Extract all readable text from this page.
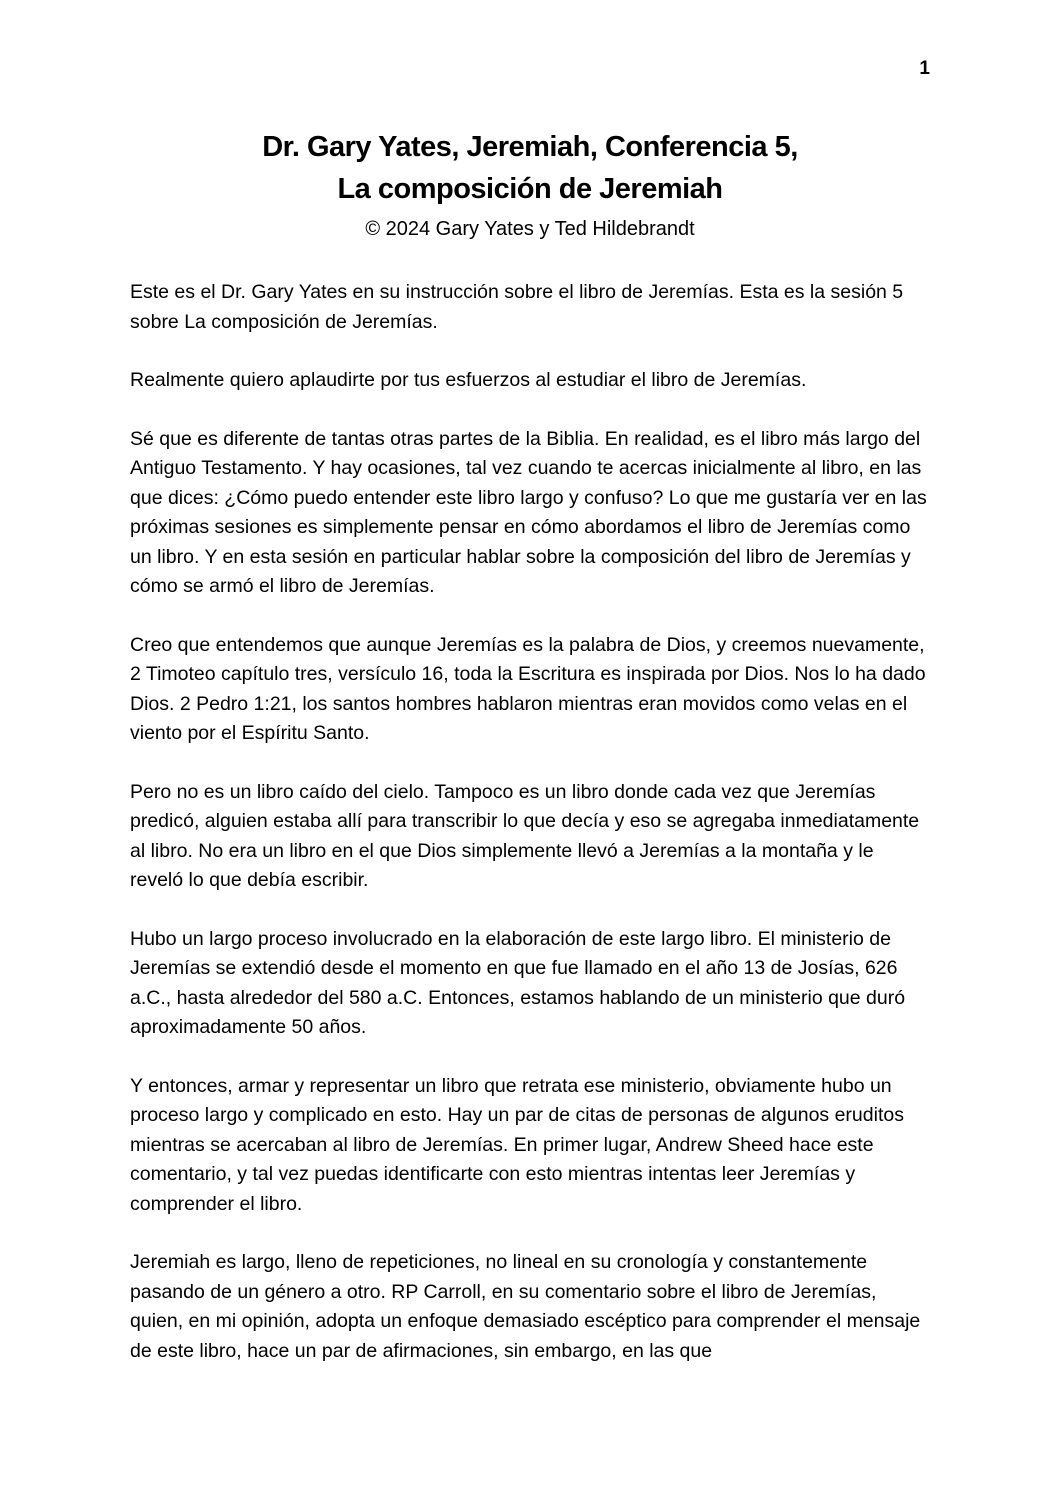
1
Dr. Gary Yates, Jeremiah, Conferencia 5,
La composición de Jeremiah
© 2024 Gary Yates y Ted Hildebrandt

Este es el Dr. Gary Yates en su instrucción sobre el libro de Jeremías. Esta es la sesión 5 sobre La composición de Jeremías.

Realmente quiero aplaudirte por tus esfuerzos al estudiar el libro de Jeremías.

Sé que es diferente de tantas otras partes de la Biblia. En realidad, es el libro más largo del Antiguo Testamento. Y hay ocasiones, tal vez cuando te acercas inicialmente al libro, en las que dices: ¿Cómo puedo entender este libro largo y confuso? Lo que me gustaría ver en las próximas sesiones es simplemente pensar en cómo abordamos el libro de Jeremías como un libro. Y en esta sesión en particular hablar sobre la composición del libro de Jeremías y cómo se armó el libro de Jeremías.

Creo que entendemos que aunque Jeremías es la palabra de Dios, y creemos nuevamente, 2 Timoteo capítulo tres, versículo 16, toda la Escritura es inspirada por Dios. Nos lo ha dado Dios. 2 Pedro 1:21, los santos hombres hablaron mientras eran movidos como velas en el viento por el Espíritu Santo.

Pero no es un libro caído del cielo. Tampoco es un libro donde cada vez que Jeremías predicó, alguien estaba allí para transcribir lo que decía y eso se agregaba inmediatamente al libro. No era un libro en el que Dios simplemente llevó a Jeremías a la montaña y le reveló lo que debía escribir.

Hubo un largo proceso involucrado en la elaboración de este largo libro. El ministerio de Jeremías se extendió desde el momento en que fue llamado en el año 13 de Josías, 626 a.C., hasta alrededor del 580 a.C. Entonces, estamos hablando de un ministerio que duró aproximadamente 50 años.

Y entonces, armar y representar un libro que retrata ese ministerio, obviamente hubo un proceso largo y complicado en esto. Hay un par de citas de personas de algunos eruditos mientras se acercaban al libro de Jeremías. En primer lugar, Andrew Sheed hace este comentario, y tal vez puedas identificarte con esto mientras intentas leer Jeremías y comprender el libro.

Jeremiah es largo, lleno de repeticiones, no lineal en su cronología y constantemente pasando de un género a otro. RP Carroll, en su comentario sobre el libro de Jeremías, quien, en mi opinión, adopta un enfoque demasiado escéptico para comprender el mensaje de este libro, hace un par de afirmaciones, sin embargo, en las que
